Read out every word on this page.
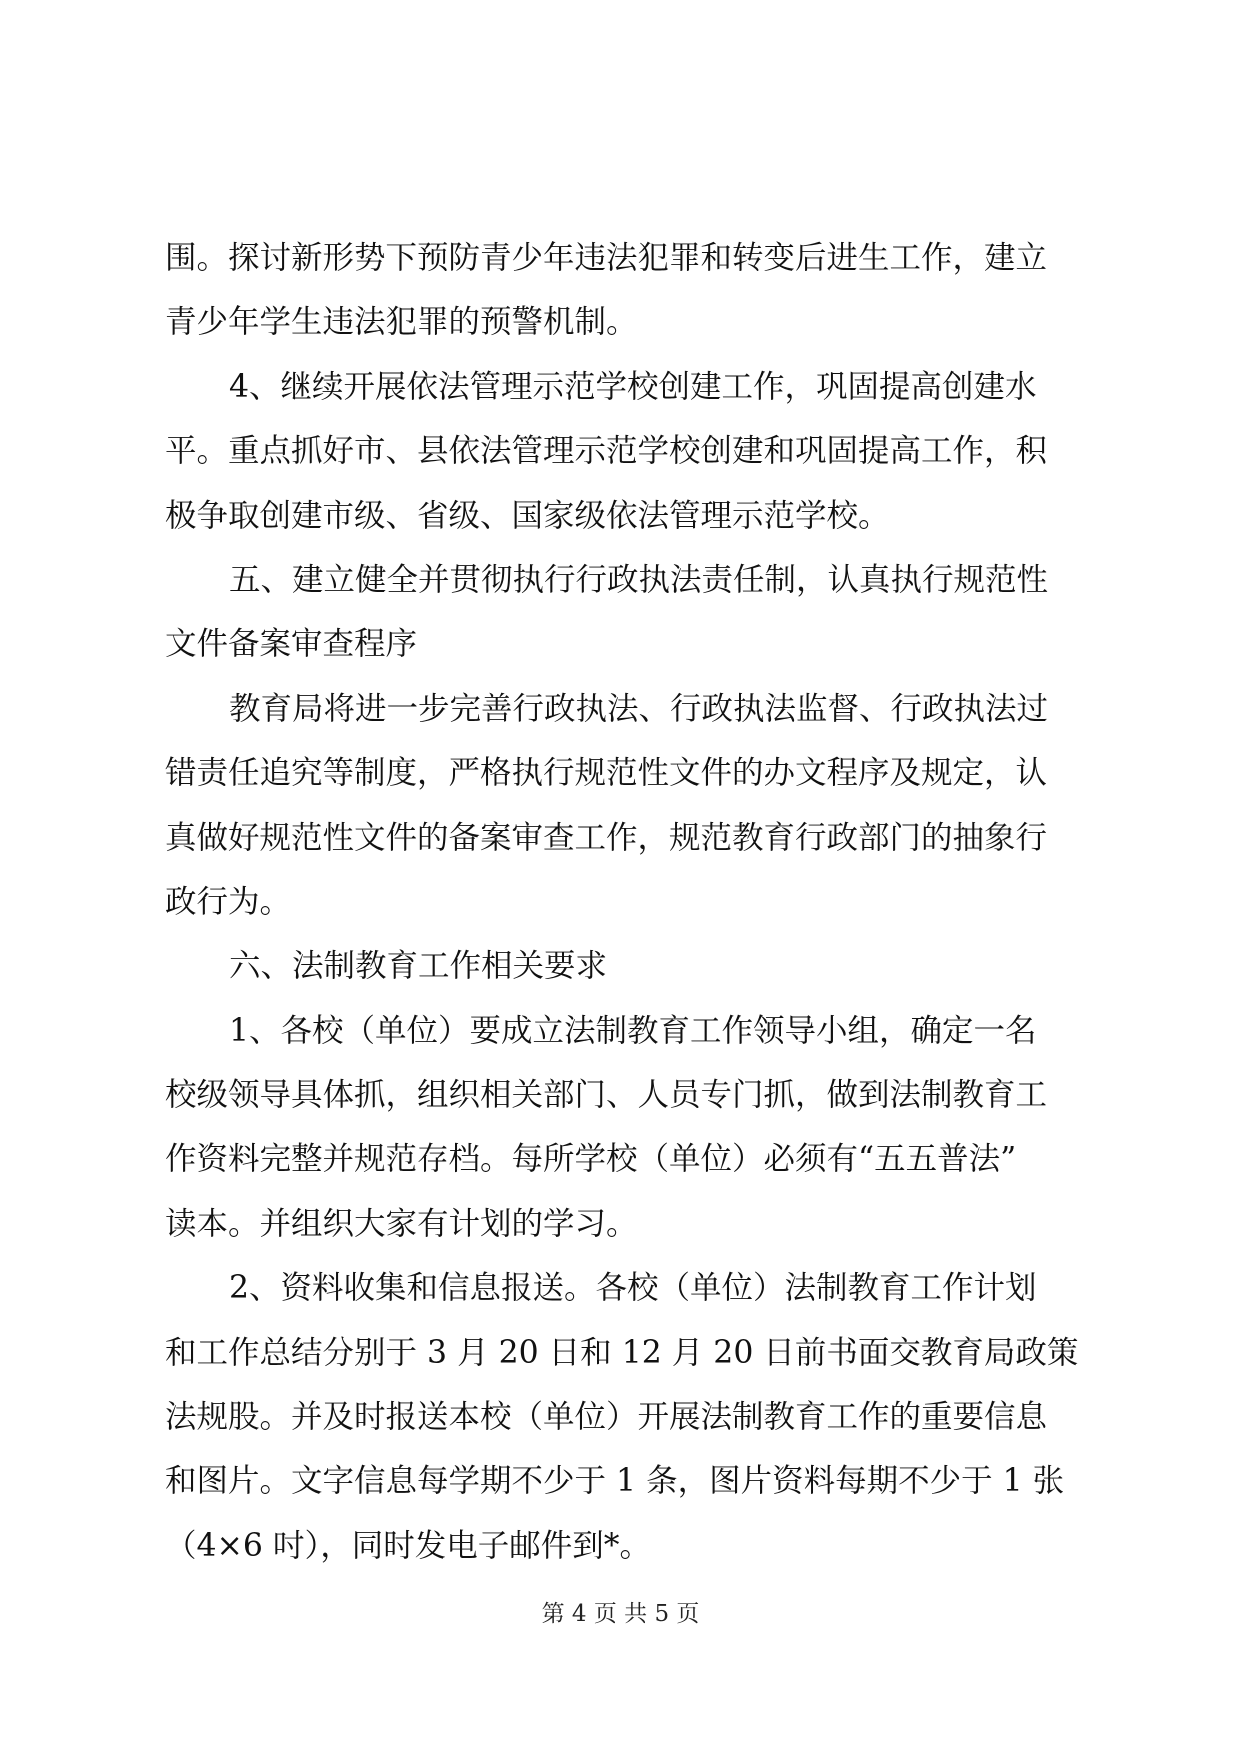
围。探讨新形势下预防青少年违法犯罪和转变后进生工作，建立
青少年学生违法犯罪的预警机制。
4、继续开展依法管理示范学校创建工作，巩固提高创建水
平。重点抓好市、县依法管理示范学校创建和巩固提高工作，积
极争取创建市级、省级、国家级依法管理示范学校。
五、建立健全并贯彻执行行政执法责任制，认真执行规范性
文件备案审查程序
教育局将进一步完善行政执法、行政执法监督、行政执法过
错责任追究等制度，严格执行规范性文件的办文程序及规定，认
真做好规范性文件的备案审查工作，规范教育行政部门的抽象行
政行为。
六、法制教育工作相关要求
1、各校（单位）要成立法制教育工作领导小组，确定一名
校级领导具体抓，组织相关部门、人员专门抓，做到法制教育工
作资料完整并规范存档。每所学校（单位）必须有“五五普法”
读本。并组织大家有计划的学习。
2、资料收集和信息报送。各校（单位）法制教育工作计划
和工作总结分别于 3 月 20 日和 12 月 20 日前书面交教育局政策
法规股。并及时报送本校（单位）开展法制教育工作的重要信息
和图片。文字信息每学期不少于 1 条，图片资料每期不少于 1 张
（4×6 吋），同时发电子邮件到*。
第 4 页 共 5 页
